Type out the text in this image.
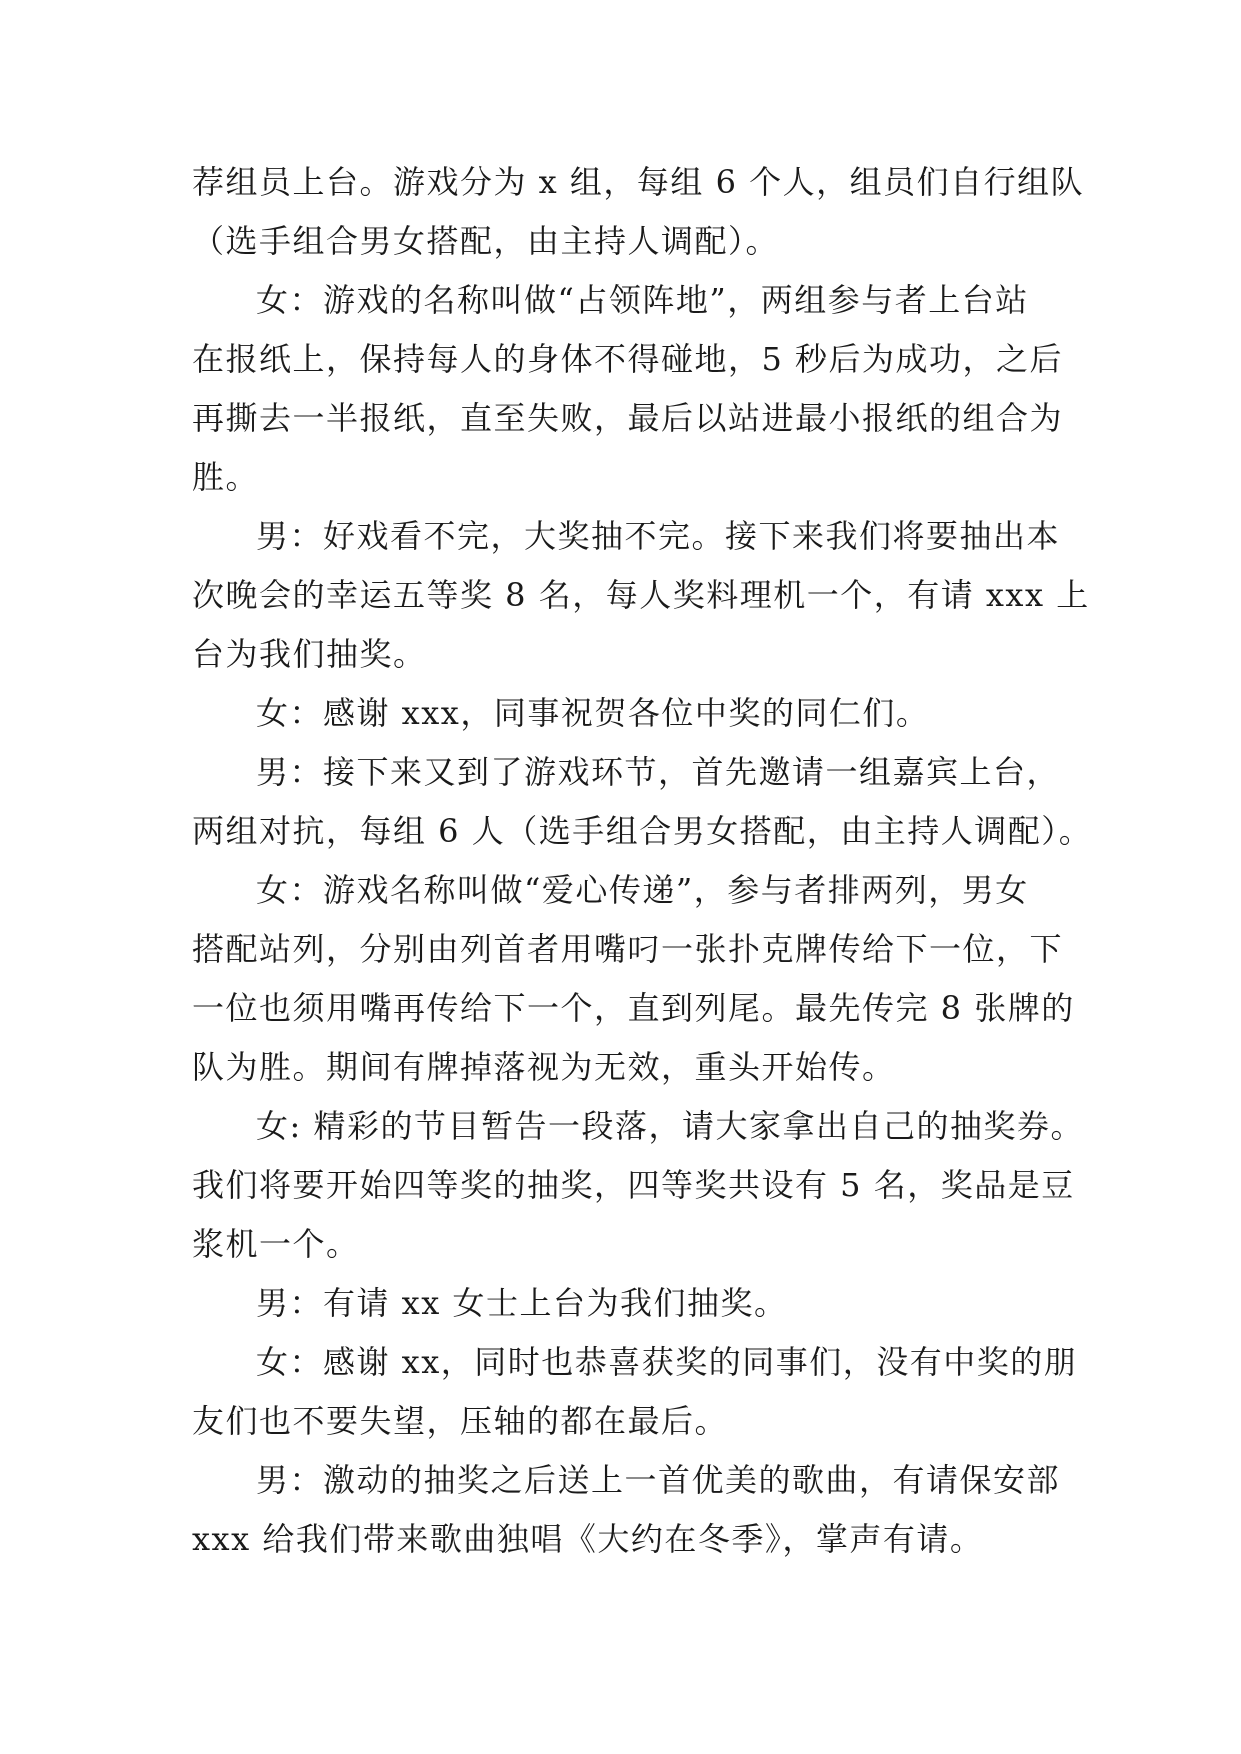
荐组员上台。游戏分为 x 组，每组 6 个人，组员们自行组队
（选手组合男女搭配，由主持人调配）。
女：游戏的名称叫做“占领阵地”，两组参与者上台站
在报纸上，保持每人的身体不得碰地，5 秒后为成功，之后
再撕去一半报纸，直至失败，最后以站进最小报纸的组合为
胜。
男：好戏看不完，大奖抽不完。接下来我们将要抽出本
次晚会的幸运五等奖 8 名，每人奖料理机一个，有请 xxx 上
台为我们抽奖。
女：感谢 xxx，同事祝贺各位中奖的同仁们。
男：接下来又到了游戏环节，首先邀请一组嘉宾上台，
两组对抗，每组 6 人（选手组合男女搭配，由主持人调配）。
女：游戏名称叫做“爱心传递”，参与者排两列，男女
搭配站列，分别由列首者用嘴叼一张扑克牌传给下一位，下
一位也须用嘴再传给下一个，直到列尾。最先传完 8 张牌的
队为胜。期间有牌掉落视为无效，重头开始传。
女: 精彩的节目暂告一段落，请大家拿出自己的抽奖券。
我们将要开始四等奖的抽奖，四等奖共设有 5 名，奖品是豆
浆机一个。
男：有请 xx 女士上台为我们抽奖。
女：感谢 xx，同时也恭喜获奖的同事们，没有中奖的朋
友们也不要失望，压轴的都在最后。
男：激动的抽奖之后送上一首优美的歌曲，有请保安部
xxx 给我们带来歌曲独唱《大约在冬季》，掌声有请。
